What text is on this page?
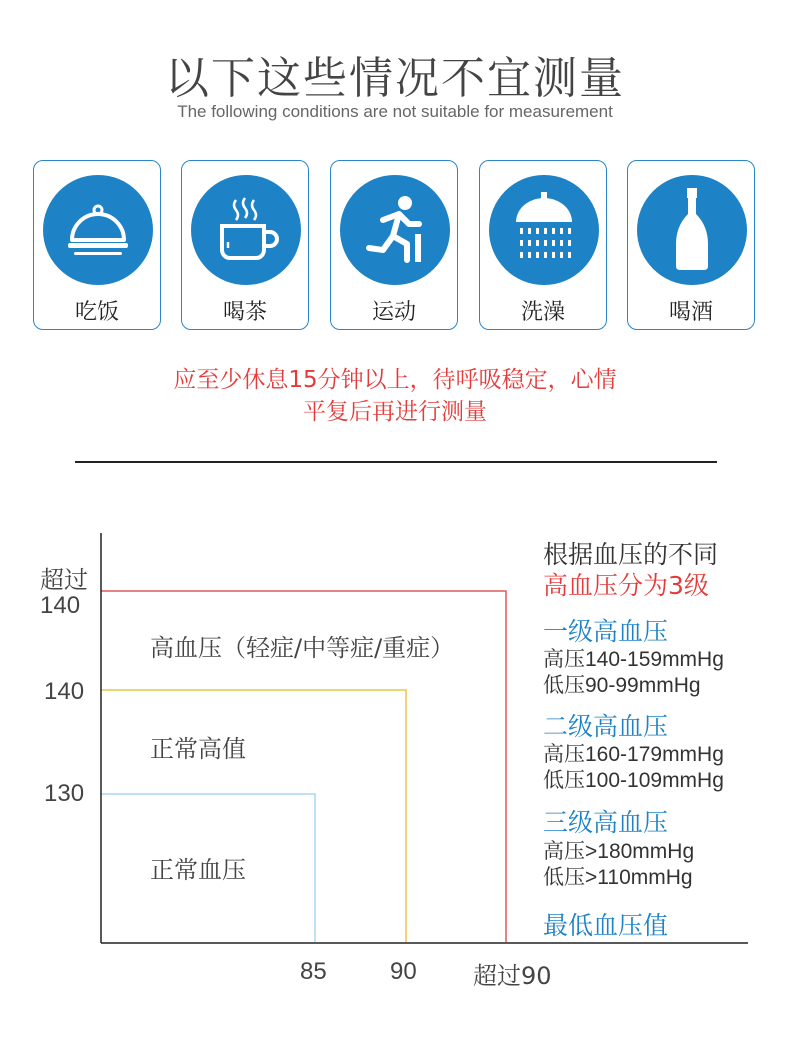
以下这些情况不宜测量
The following conditions are not suitable for measurement
吃饭	喝茶	运动	洗澡	喝酒
应至少休息15分钟以上，待呼吸稳定，心情
平复后再进行测量
超过
140
140
130
高血压（轻症/中等症/重症）
正常高值
正常血压
85	90 超过90
根据血压的不同
高血压分为3级
一级高血压
高压140-159mmHg
低压90-99mmHg
二级高血压
高压160-179mmHg
低压100-109mmHg
三级高血压
高压>180mmHg
低压>110mmHg
最低血压值
